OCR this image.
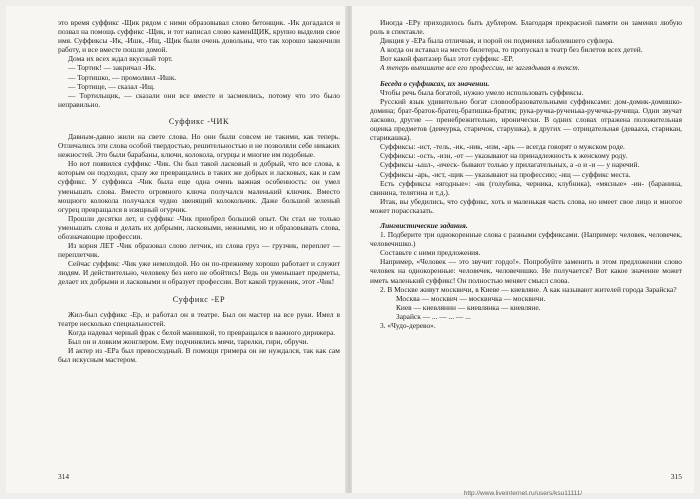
это время суффикс -Щик рядом с ними образовывал слово бетонщик. -Ик догадался и позвал на помощь суффикс -Щик, и тот написал слово каменЩИК, крупно выделив свое имя. Суффиксы -Ик, -Ишк, -Ищ, -Щик были очень довольны, что так хорошо закончили работу, и все вместе пошли домой.

Дома их всех ждал вкусный торт.

— Тортик! — закричал -Ик.

— Тортишко, — промолвил -Ишк.

— Тортище, — сказал -Ищ.

— Тортильщик, — сказали они все вместе и засмеялись, потому что это было неправильно.

Суффикс -ЧИК

Давным-давно жили на свете слова. Но они были совсем не такими, как теперь. Отличались эти слова особой твердостью, решительностью и не позволяли себе никаких нежностей. Это были барабаны, ключи, колокола, огурцы и многие им подобные.

Но вот появился суффикс -Чик. Он был такой ласковый и добрый, что все слова, к которым он подходил, сразу же превращались в таких же добрых и ласковых, как и сам суффикс. У суффикса -Чик была еще одна очень важная особенность: он умел уменьшать слова. Вместо огромного ключа получался маленький ключик. Вместо мощного колокола получался чудно звенящий колокольчик. Даже большой зеленый огурец превращался в изящный огурчик.

Прошли десятки лет, и суффикс -Чик приобрел большой опыт. Он стал не только уменьшать слова и делать их добрыми, ласковыми, нежными, но и образовывать слова, обозначающие профессии.

Из корня ЛЕТ -Чик образовал слово летчик, из слова груз — грузчик, переплет — переплетчик.

Сейчас суффикс -Чик уже немолодой. Но он по-прежнему хорошо работает и служит людям. И действительно, человеку без него не обойтись! Ведь он уменьшает предметы, делает их добрыми и ласковыми и образует профессии. Вот какой труженик, этот -Чик!

Суффикс -ЕР

Жил-был суффикс -Ер, и работал он в театре. Был он мастер на все руки. Имел в театре несколько специальностей.

Когда надевал черный фрак с белой манишкой, то превращался в важного дирижера.

Был он и ловким жонглером. Ему подчинялись мячи, тарелки, гири, обручи.

И актер из -ЕРа был превосходный. В помощи гримера он не нуждался, так как сам был искусным мастером.

314

Иногда -ЕРу приходилось быть дублером. Благодаря прекрасной памяти он заменял любую роль в спектакле.

Дикция у -ЕРа была отличная, и порой он подменял заболевшего суфлера.

А когда он вставал на место билетера, то пропускал в театр без билетов всех детей.

Вот какой фантазер был этот суффикс -ЕР.

А теперь выпишите все его профессии, не заглядывая в текст.

Беседа о суффиксах, их значении.

Чтобы речь была богатой, нужно умело использовать суффиксы.

Русский язык удивительно богат словообразовательными суффиксами: дом-домик-домишко-домина; брат-браток-братец-братишка-братик; рука-ручка-рученька-ручечка-ручища. Одни звучат ласково, другие — пренебрежительно, иронически. В одних словах отражена положительная оценка предметов (девчурка, старичок, старушка), в других — отрицательная (девааха, старикан, старикашка).

Суффиксы: -ист, -тель, -ик, -ник, -изм, -арь — всегда говорят о мужском роде.

Суффиксы: -ость, -изн, -от — указывают на принадлежность к женскому роду.

Суффиксы -ьшл-, -ическ- бывают только у прилагательных, а -о и -и — у наречий.

Суффиксы -арь, -ист, -щик — указывают на профессию; -ищ — суффикс места.

Есть суффиксы «ягодные»: -ик (голубика, черника, клубника), «мясные» -ин- (баранина, свинина, телятина и т.д.).

Итак, вы убедились, что суффикс, хоть и маленькая часть слова, но имеет свое лицо и многое может порассказать.

Лингвистические задания.

1. Подберите три однокоренные слова с разными суффиксами. (Например: человек, человечек, человечишко.)

Составьте с ними предложения.

Например, «Человек — это звучит гордо!». Попробуйте заменить в этом предложении слово человек на однокоренные: человечек, человечишко. Не получается? Вот какое значение может иметь маленький суффикс! Он полностью меняет смысл слова.

2. В Москве живут москвичи, в Киеве — киевляне. А как называют жителей города Зарайска?

Москва — москвич — москвичка — москвичи.

Киев — киевлянин — киевлянка — киевляне.

Зарайск — ... — ... — ...

3. «Чудо-дерево».

315
http://www.liveinternet.ru/users/ksu11111/
